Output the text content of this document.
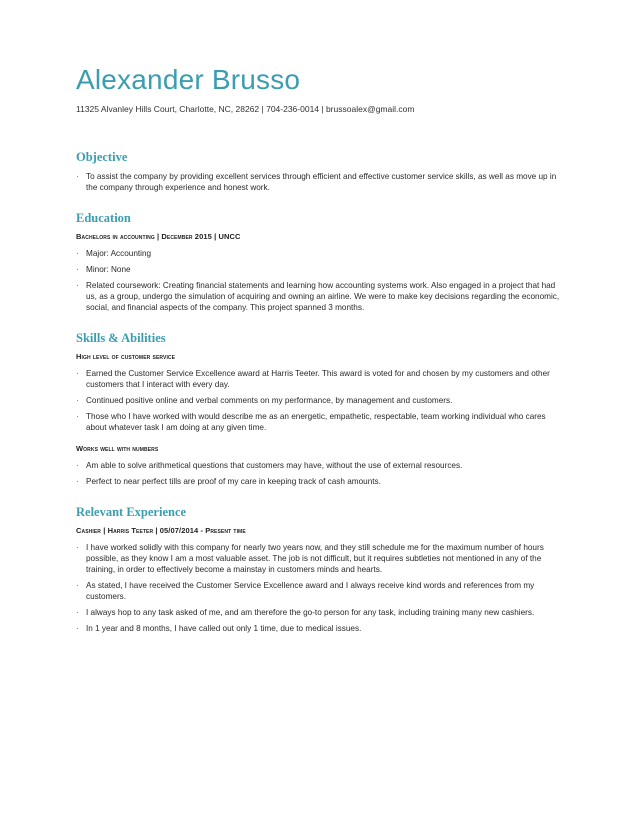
Alexander Brusso
11325 Alvanley Hills Court, Charlotte, NC, 28262 | 704-236-0014 | brussoalex@gmail.com
Objective
· To assist the company by providing excellent services through efficient and effective customer service skills, as well as move up in the company through experience and honest work.
Education
Bachelors in accounting | December 2015 | UNCC
· Major: Accounting
· Minor: None
· Related coursework: Creating financial statements and learning how accounting systems work. Also engaged in a project that had us, as a group, undergo the simulation of acquiring and owning an airline. We were to make key decisions regarding the economic, social, and financial aspects of the company. This project spanned 3 months.
Skills & Abilities
High level of customer service
· Earned the Customer Service Excellence award at Harris Teeter. This award is voted for and chosen by my customers and other customers that I interact with every day.
· Continued positive online and verbal comments on my performance, by management and customers.
· Those who I have worked with would describe me as an energetic, empathetic, respectable, team working individual who cares about whatever task I am doing at any given time.
Works well with numbers
· Am able to solve arithmetical questions that customers may have, without the use of external resources.
· Perfect to near perfect tills are proof of my care in keeping track of cash amounts.
Relevant Experience
Cashier | Harris Teeter | 05/07/2014 - Present time
· I have worked solidly with this company for nearly two years now, and they still schedule me for the maximum number of hours possible, as they know I am a most valuable asset. The job is not difficult, but it requires subtleties not mentioned in any of the training, in order to effectively become a mainstay in customers minds and hearts.
· As stated, I have received the Customer Service Excellence award and I always receive kind words and references from my customers.
· I always hop to any task asked of me, and am therefore the go-to person for any task, including training many new cashiers.
· In 1 year and 8 months, I have called out only 1 time, due to medical issues.
